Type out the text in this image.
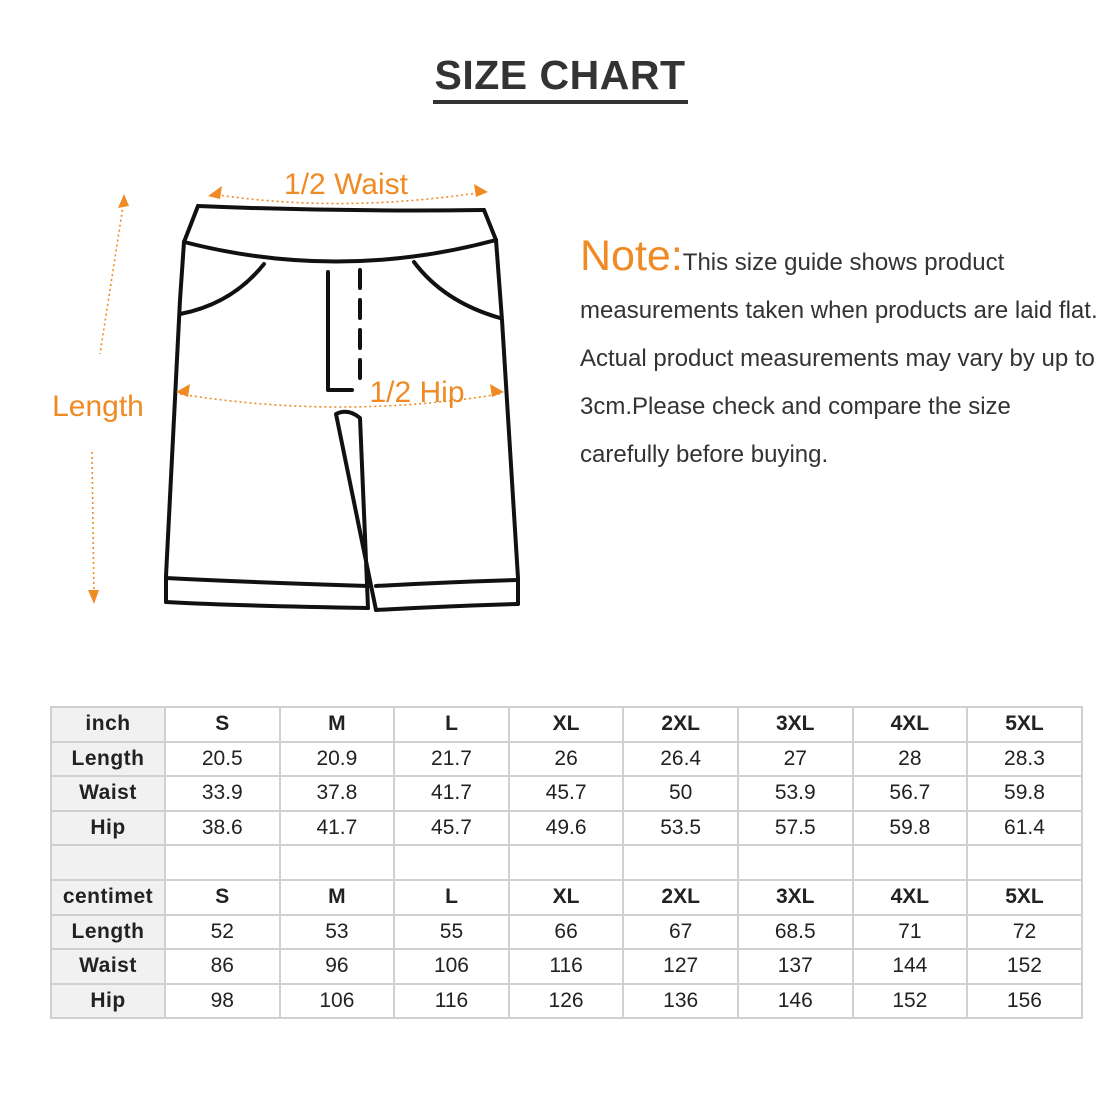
SIZE CHART
1/2 Waist
1/2 Hip
Length
Note:This size guide shows product measurements taken when products are laid flat. Actual product measurements may vary by up to 3cm.Please check and compare the size carefully before buying.
inch	S	M	L	XL	2XL	3XL	4XL	5XL
Length	20.5	20.9	21.7	26	26.4	27	28	28.3
Waist	33.9	37.8	41.7	45.7	50	53.9	56.7	59.8
Hip	38.6	41.7	45.7	49.6	53.5	57.5	59.8	61.4

centimet	S	M	L	XL	2XL	3XL	4XL	5XL
Length	52	53	55	66	67	68.5	71	72
Waist	86	96	106	116	127	137	144	152
Hip	98	106	116	126	136	146	152	156
